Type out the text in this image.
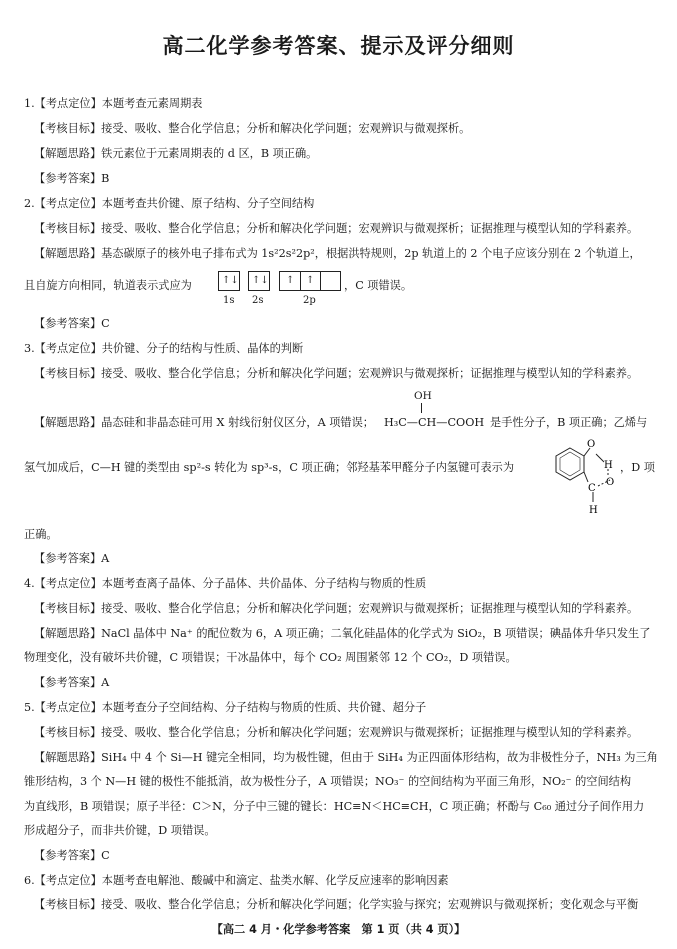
高二化学参考答案、提示及评分细则
1.【考点定位】本题考查元素周期表
【考核目标】接受、吸收、整合化学信息；分析和解决化学问题；宏观辨识与微观探析。
【解题思路】铁元素位于元素周期表的 d 区，B 项正确。
【参考答案】B
2.【考点定位】本题考查共价键、原子结构、分子空间结构
【考核目标】接受、吸收、整合化学信息；分析和解决化学问题；宏观辨识与微观探析；证据推理与模型认知的学科素养。
【解题思路】基态碳原子的核外电子排布式为 1s²2s²2p²，根据洪特规则，2p 轨道上的 2 个电子应该分别在 2 个轨道上，
且自旋方向相同，轨道表示式应为	↑↓ ↑↓ ↑ ↑
1s 2s	2p
，C 项错误。
【参考答案】C
3.【考点定位】共价键、分子的结构与性质、晶体的判断
【考核目标】接受、吸收、整合化学信息；分析和解决化学问题；宏观辨识与微观探析；证据推理与模型认知的学科素养。
OH
【解题思路】晶态硅和非晶态硅可用 X 射线衍射仪区分，A 项错误； H₃C—CH—COOH 是手性分子，B 项正确；乙烯与
氢气加成后，C—H 键的类型由 sp²-s 转化为 sp³-s，C 项正确；邻羟基苯甲醛分子内氢键可表示为
O
H
C
O
H
，D 项
正确。
【参考答案】A
4.【考点定位】本题考查离子晶体、分子晶体、共价晶体、分子结构与物质的性质
【考核目标】接受、吸收、整合化学信息；分析和解决化学问题；宏观辨识与微观探析；证据推理与模型认知的学科素养。
【解题思路】NaCl 晶体中 Na⁺ 的配位数为 6，A 项正确；二氧化硅晶体的化学式为 SiO₂，B 项错误；碘晶体升华只发生了
物理变化，没有破坏共价键，C 项错误；干冰晶体中，每个 CO₂ 周围紧邻 12 个 CO₂，D 项错误。
【参考答案】A
5.【考点定位】本题考查分子空间结构、分子结构与物质的性质、共价键、超分子
【考核目标】接受、吸收、整合化学信息；分析和解决化学问题；宏观辨识与微观探析；证据推理与模型认知的学科素养。
【解题思路】SiH₄ 中 4 个 Si—H 键完全相同，均为极性键，但由于 SiH₄ 为正四面体形结构，故为非极性分子，NH₃ 为三角
锥形结构，3 个 N—H 键的极性不能抵消，故为极性分子，A 项错误；NO₃⁻ 的空间结构为平面三角形，NO₂⁻ 的空间结构
为直线形，B 项错误；原子半径：C＞N，分子中三键的键长：HC≡N＜HC≡CH，C 项正确；杯酚与 C₆₀ 通过分子间作用力
形成超分子，而非共价键，D 项错误。
【参考答案】C
6.【考点定位】本题考查电解池、酸碱中和滴定、盐类水解、化学反应速率的影响因素
【考核目标】接受、吸收、整合化学信息；分析和解决化学问题；化学实验与探究；宏观辨识与微观探析；变化观念与平衡
【高二 4 月・化学参考答案　第 1 页（共 4 页）】
